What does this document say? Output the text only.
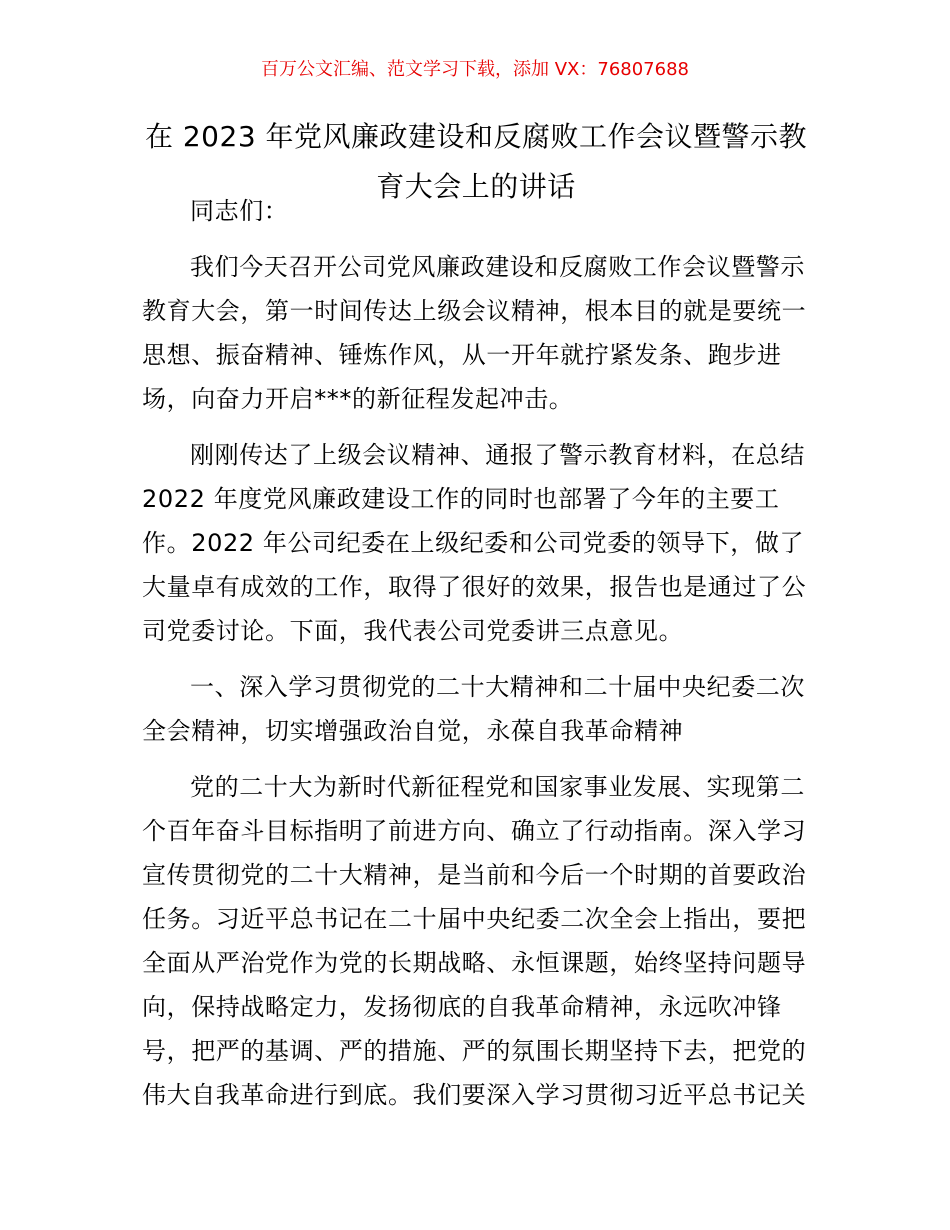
百万公文汇编、范文学习下载，添加 VX：76807688
在 2023 年党风廉政建设和反腐败工作会议暨警示教育大会上的讲话

同志们：

我们今天召开公司党风廉政建设和反腐败工作会议暨警示教育大会，第一时间传达上级会议精神，根本目的就是要统一思想、振奋精神、锤炼作风，从一开年就拧紧发条、跑步进场，向奋力开启***的新征程发起冲击。

刚刚传达了上级会议精神、通报了警示教育材料，在总结 2022 年度党风廉政建设工作的同时也部署了今年的主要工作。2022 年公司纪委在上级纪委和公司党委的领导下，做了大量卓有成效的工作，取得了很好的效果，报告也是通过了公司党委讨论。下面，我代表公司党委讲三点意见。

一、深入学习贯彻党的二十大精神和二十届中央纪委二次全会精神，切实增强政治自觉，永葆自我革命精神

党的二十大为新时代新征程党和国家事业发展、实现第二个百年奋斗目标指明了前进方向、确立了行动指南。深入学习宣传贯彻党的二十大精神，是当前和今后一个时期的首要政治任务。习近平总书记在二十届中央纪委二次全会上指出，要把全面从严治党作为党的长期战略、永恒课题，始终坚持问题导向，保持战略定力，发扬彻底的自我革命精神，永远吹冲锋号，把严的基调、严的措施、严的氛围长期坚持下去，把党的伟大自我革命进行到底。我们要深入学习贯彻习近平总书记关
